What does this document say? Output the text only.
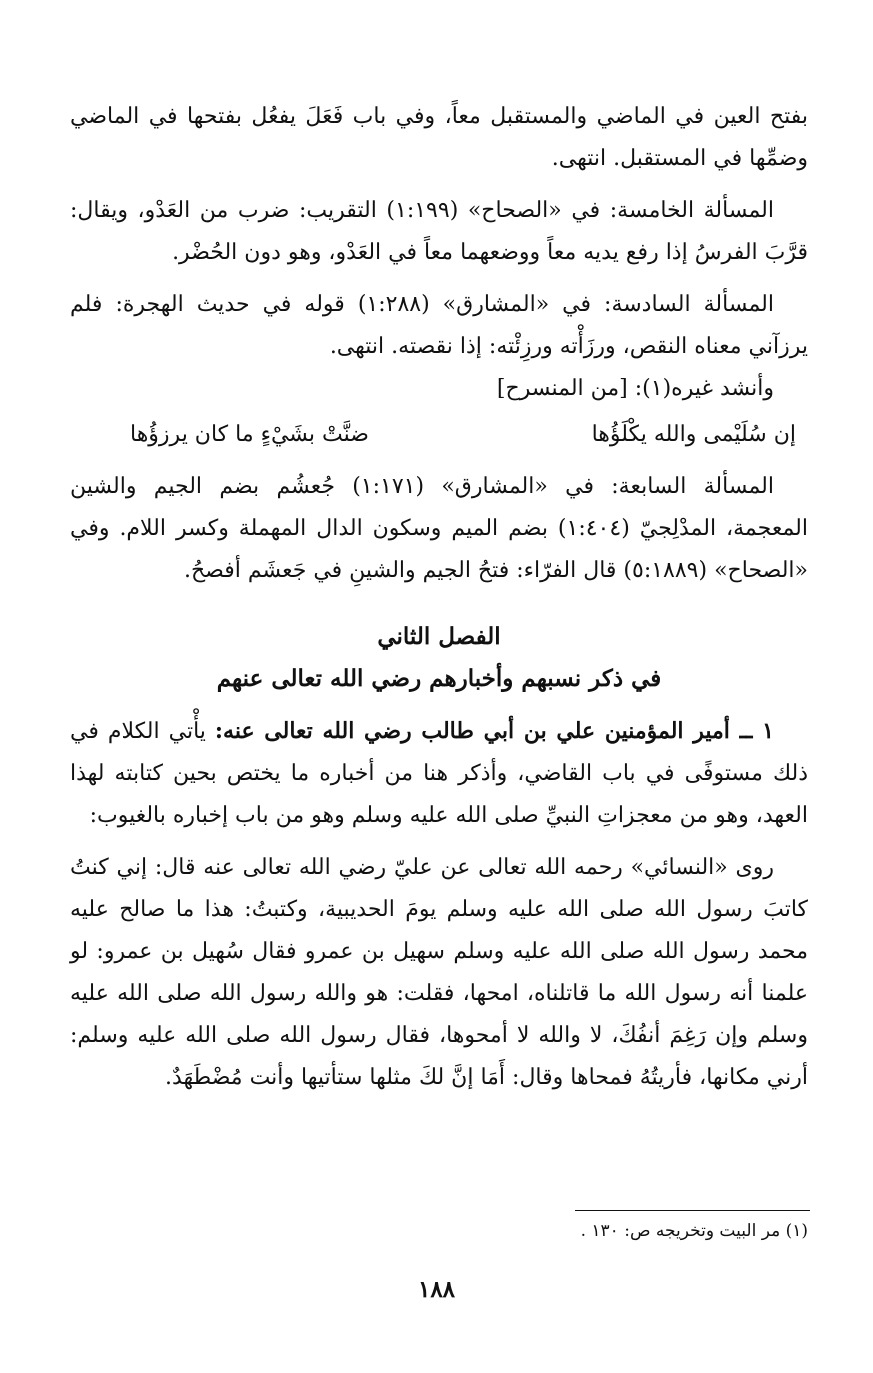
بفتح العين في الماضي والمستقبل معاً، وفي باب فَعَلَ يفعُل بفتحها في الماضي وضمِّها في المستقبل. انتهى.

المسألة الخامسة: في «الصحاح» (١:١٩٩) التقريب: ضرب من العَدْو، ويقال: قرَّبَ الفرسُ إذا رفع يديه معاً ووضعهما معاً في العَدْو، وهو دون الحُضْر.

المسألة السادسة: في «المشارق» (١:٢٨٨) قوله في حديث الهجرة: فلم يرزآني معناه النقص، ورزَأْته ورزِئْته: إذا نقصته. انتهى.

وأنشد غيره(١): [من المنسرح]

إن سُلَيْمى والله يكْلَؤُها
ضنَّتْ بشَيْءٍ ما كان يرزؤُها

المسألة السابعة: في «المشارق» (١:١٧١) جُعشُم بضم الجيم والشين المعجمة، المدْلِجيّ (١:٤٠٤) بضم الميم وسكون الدال المهملة وكسر اللام. وفي «الصحاح» (٥:١٨٨٩) قال الفرّاء: فتحُ الجيم والشينِ في جَعشَم أفصحُ.

الفصل الثاني

في ذكر نسبهم وأخبارهم رضي الله تعالى عنهم

١ ــ أمير المؤمنين علي بن أبي طالب رضي الله تعالى عنه: يأْتي الكلام في ذلك مستوفًى في باب القاضي، وأذكر هنا من أخباره ما يختص بحين كتابته لهذا العهد، وهو من معجزاتِ النبيِّ صلى الله عليه وسلم وهو من باب إخباره بالغيوب:

روى «النسائي» رحمه الله تعالى عن عليّ رضي الله تعالى عنه قال: إني كنتُ كاتبَ رسول الله صلى الله عليه وسلم يومَ الحديبية، وكتبتُ: هذا ما صالح عليه محمد رسول الله صلى الله عليه وسلم سهيل بن عمرو فقال سُهيل بن عمرو: لو علمنا أنه رسول الله ما قاتلناه، امحها، فقلت: هو والله رسول الله صلى الله عليه وسلم وإن رَغِمَ أنفُكَ، لا والله لا أمحوها، فقال رسول الله صلى الله عليه وسلم: أرني مكانها، فأريتُهُ فمحاها وقال: أَمَا إنَّ لكَ مثلها ستأتيها وأنت مُضْطَهَدٌ.

(١) مر البيت وتخريجه ص: ١٣٠ .
١٨٨
